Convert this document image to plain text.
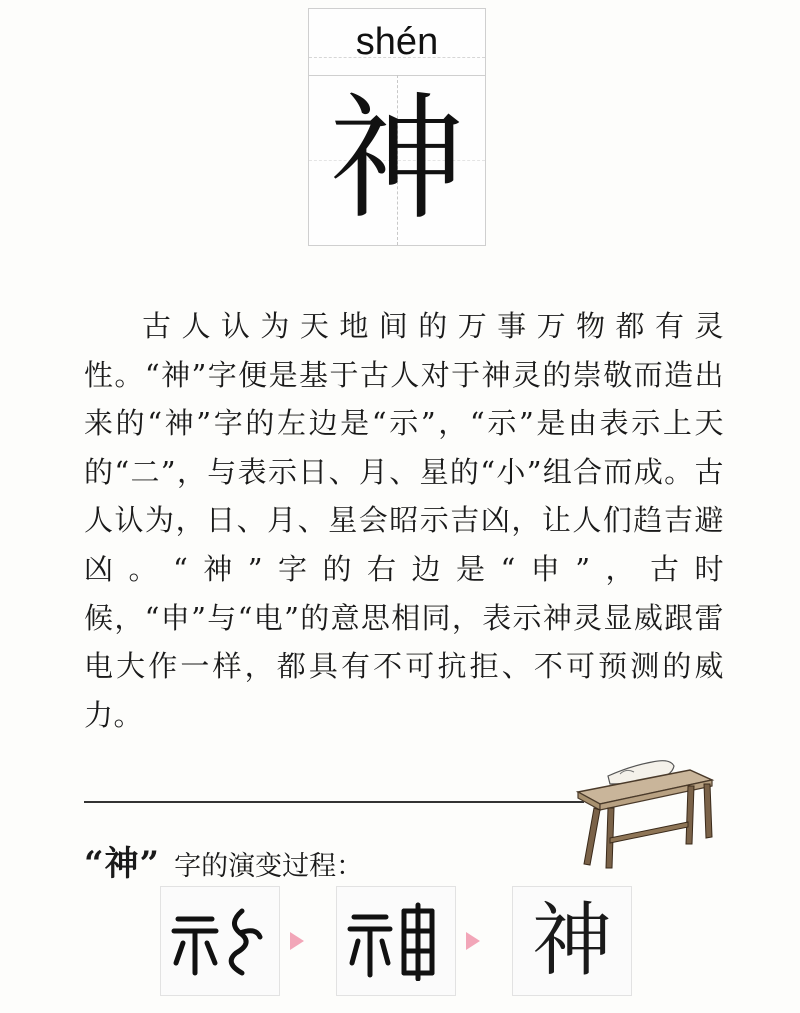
shén
神

古人认为天地间的万事万物都有灵性。“神”字便是基于古人对于神灵的崇敬而造出来的“神”字的左边是“示”，“示”是由表示上天的“二”，与表示日、月、星的“小”组合而成。古人认为，日、月、星会昭示吉凶，让人们趋吉避凶。“神”字的右边是“申”，古时候，“申”与“电”的意思相同，表示神灵显威跟雷电大作一样，都具有不可抗拒、不可预测的威力。

“神” 字的演变过程：
神
